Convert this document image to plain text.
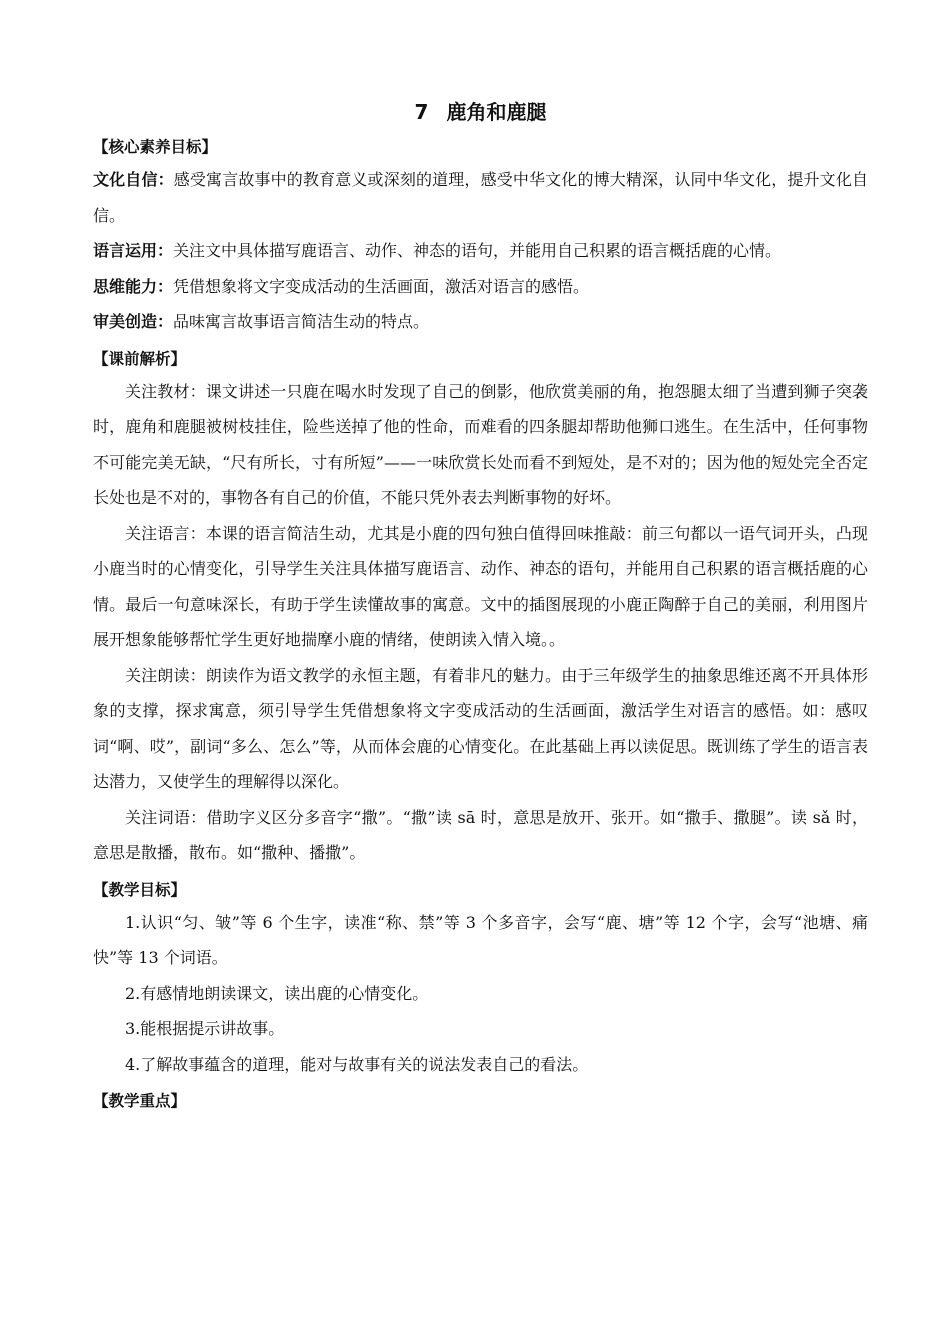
7 鹿角和鹿腿
【核心素养目标】

文化自信：感受寓言故事中的教育意义或深刻的道理，感受中华文化的博大精深，认同中华文化，提升文化自信。

语言运用：关注文中具体描写鹿语言、动作、神态的语句，并能用自己积累的语言概括鹿的心情。

思维能力：凭借想象将文字变成活动的生活画面，激活对语言的感悟。

审美创造：品味寓言故事语言简洁生动的特点。

【课前解析】

关注教材：课文讲述一只鹿在喝水时发现了自己的倒影，他欣赏美丽的角，抱怨腿太细了当遭到狮子突袭时，鹿角和鹿腿被树枝挂住，险些送掉了他的性命，而难看的四条腿却帮助他狮口逃生。在生活中，任何事物不可能完美无缺，“尺有所长，寸有所短”——一味欣赏长处而看不到短处，是不对的；因为他的短处完全否定长处也是不对的，事物各有自己的价值，不能只凭外表去判断事物的好坏。

关注语言：本课的语言简洁生动，尤其是小鹿的四句独白值得回味推敲：前三句都以一语气词开头，凸现小鹿当时的心情变化，引导学生关注具体描写鹿语言、动作、神态的语句，并能用自己积累的语言概括鹿的心情。最后一句意味深长，有助于学生读懂故事的寓意。文中的插图展现的小鹿正陶醉于自己的美丽，利用图片展开想象能够帮忙学生更好地揣摩小鹿的情绪，使朗读入情入境。。

关注朗读：朗读作为语文教学的永恒主题，有着非凡的魅力。由于三年级学生的抽象思维还离不开具体形象的支撑，探求寓意，须引导学生凭借想象将文字变成活动的生活画面，激活学生对语言的感悟。如：感叹词“啊、哎”，副词“多么、怎么”等，从而体会鹿的心情变化。在此基础上再以读促思。既训练了学生的语言表达潜力，又使学生的理解得以深化。

关注词语：借助字义区分多音字“撒”。“撒”读 sā 时，意思是放开、张开。如“撒手、撒腿”。读 sǎ 时，意思是散播，散布。如“撒种、播撒”。

【教学目标】

1.认识“匀、皱”等 6 个生字，读准“称、禁”等 3 个多音字，会写“鹿、塘”等 12 个字，会写“池塘、痛快”等 13 个词语。

2.有感情地朗读课文，读出鹿的心情变化。

3.能根据提示讲故事。

4.了解故事蕴含的道理，能对与故事有关的说法发表自己的看法。

【教学重点】
